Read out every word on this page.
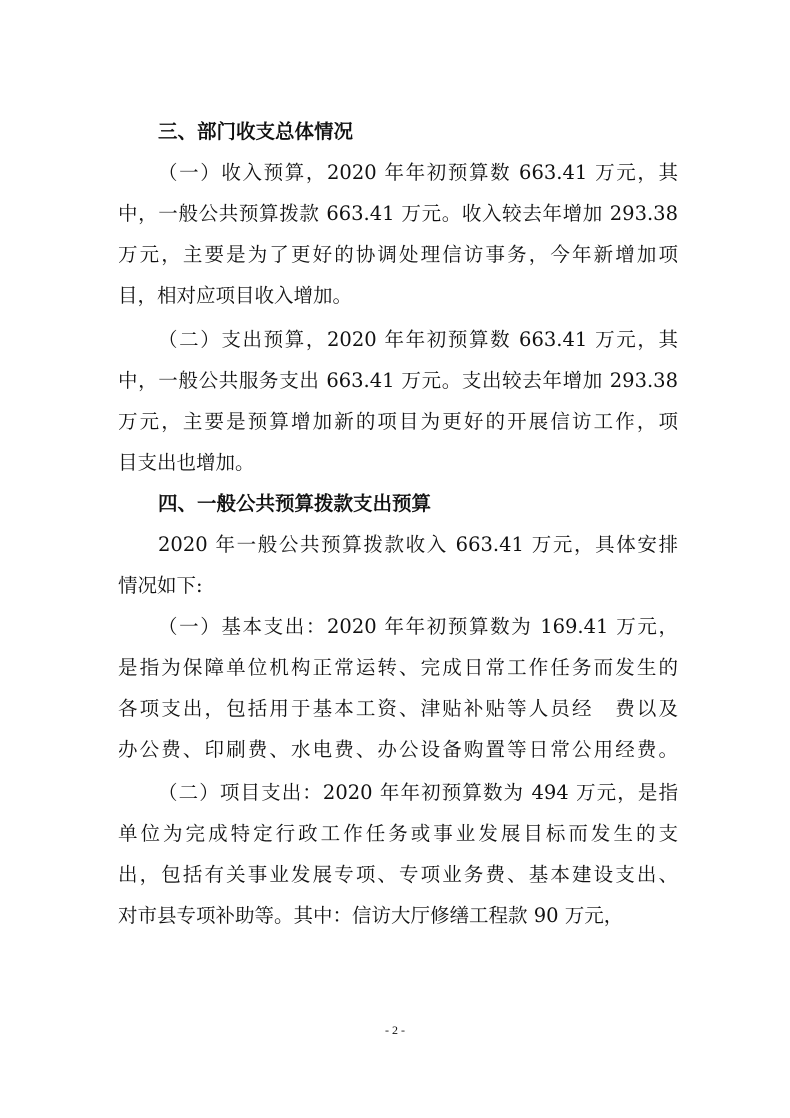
三、部门收支总体情况
（一）收入预算，2020 年年初预算数 663.41 万元，其
中，一般公共预算拨款 663.41 万元。收入较去年增加 293.38
万元，主要是为了更好的协调处理信访事务，今年新增加项
目，相对应项目收入增加。
（二）支出预算，2020 年年初预算数 663.41 万元，其
中，一般公共服务支出 663.41 万元。支出较去年增加 293.38
万元，主要是预算增加新的项目为更好的开展信访工作，项
目支出也增加。
四、一般公共预算拨款支出预算
2020 年一般公共预算拨款收入 663.41 万元，具体安排
情况如下:
（一）基本支出：2020 年年初预算数为 169.41 万元，
是指为保障单位机构正常运转、完成日常工作任务而发生的
各项支出，包括用于基本工资、津贴补贴等人员经　费以及
办公费、印刷费、水电费、办公设备购置等日常公用经费。
（二）项目支出：2020 年年初预算数为 494 万元，是指
单位为完成特定行政工作任务或事业发展目标而发生的支
出，包括有关事业发展专项、专项业务费、基本建设支出、
对市县专项补助等。其中：信访大厅修缮工程款 90 万元，
- 2 -
